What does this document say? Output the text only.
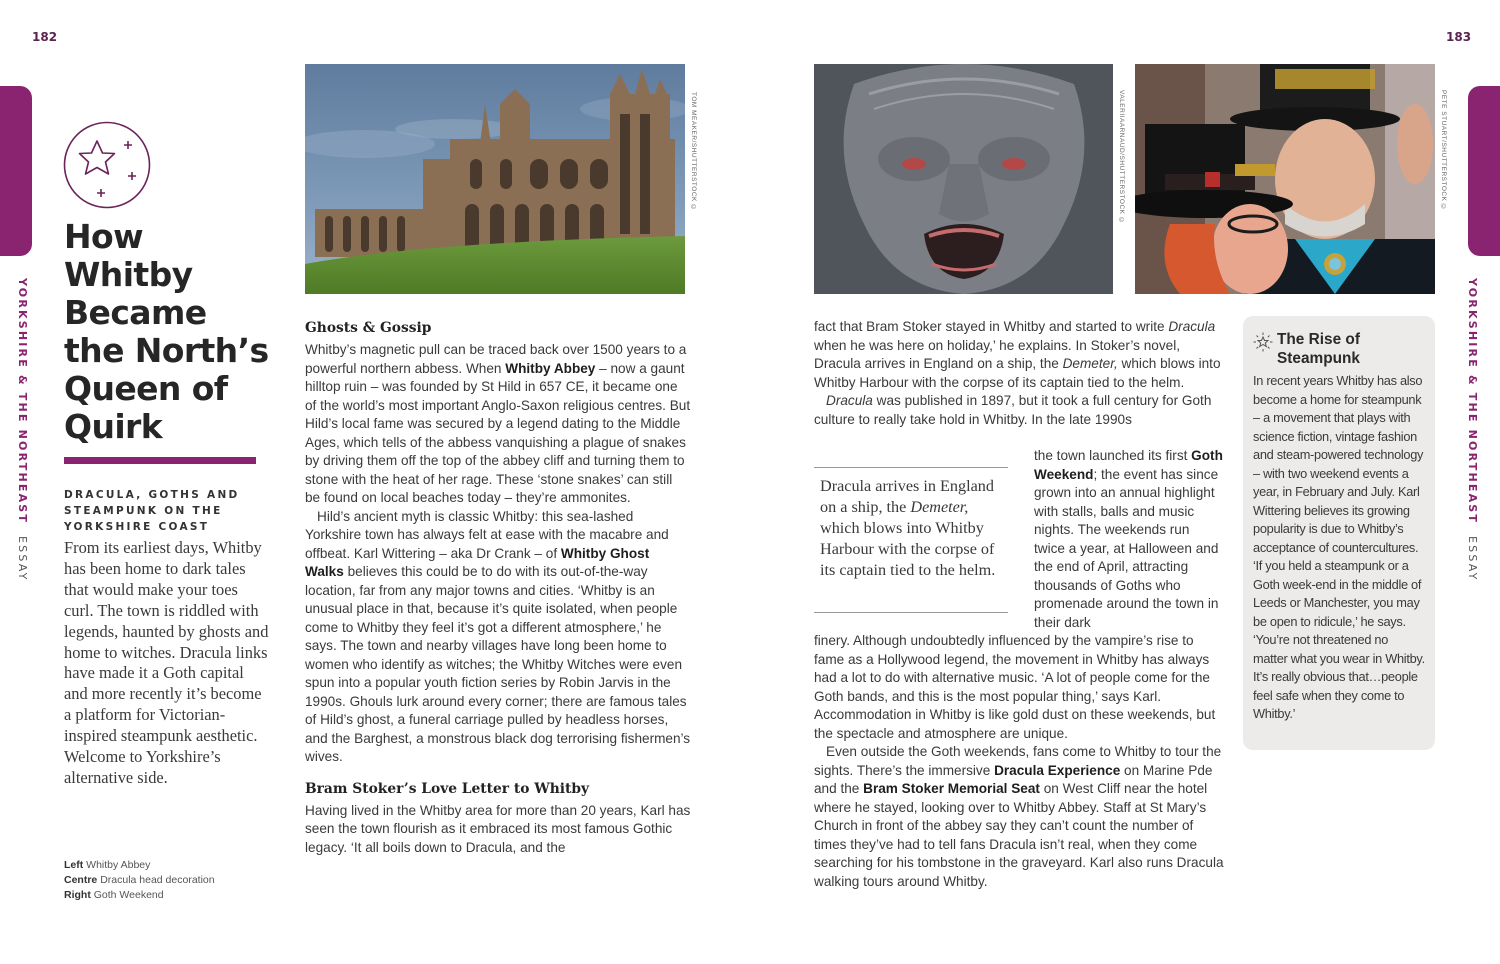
182	183
YORKSHIRE & THE NORTHEAST ESSAY
YORKSHIRE & THE NORTHEAST ESSAY
How
Whitby
Became
the North’s
Queen of
Quirk
DRACULA, GOTHS AND STEAMPUNK ON THE YORKSHIRE COAST

From its earliest days, Whitby has been home to dark tales that would make your toes curl. The town is riddled with legends, haunted by ghosts and home to witches. Dracula links have made it a Goth capital and more recently it’s become a platform for Victorian-inspired steampunk aesthetic. Welcome to Yorkshire’s alternative side.

Left Whitby Abbey
Centre Dracula head decoration
Right Goth Weekend
TOM MEAKER/SHUTTERSTOCK ©	VALERIIAARNAUD/SHUTTERSTOCK ©	PETE STUART/SHUTTERSTOCK ©
Ghosts & Gossip

Whitby’s magnetic pull can be traced back over 1500 years to a powerful northern abbess. When Whitby Abbey – now a gaunt hilltop ruin – was founded by St Hild in 657 CE, it became one of the world’s most important Anglo-Saxon religious centres. But Hild’s local fame was secured by a legend dating to the Middle Ages, which tells of the abbess vanquishing a plague of snakes by driving them off the top of the abbey cliff and turning them to stone with the heat of her rage. These ‘stone snakes’ can still be found on local beaches today – they’re ammonites.

Hild’s ancient myth is classic Whitby: this sea-lashed Yorkshire town has always felt at ease with the macabre and offbeat. Karl Wittering – aka Dr Crank – of Whitby Ghost Walks believes this could be to do with its out-of-the-way location, far from any major towns and cities. ‘Whitby is an unusual place in that, because it’s quite isolated, when people come to Whitby they feel it’s got a different atmosphere,’ he says. The town and nearby villages have long been home to women who identify as witches; the Whitby Witches were even spun into a popular youth fiction series by Robin Jarvis in the 1990s. Ghouls lurk around every corner; there are famous tales of Hild’s ghost, a funeral carriage pulled by headless horses, and the Barghest, a monstrous black dog terrorising fishermen’s wives.

Bram Stoker’s Love Letter to Whitby

Having lived in the Whitby area for more than 20 years, Karl has seen the town flourish as it embraced its most famous Gothic legacy. ‘It all boils down to Dracula, and the

fact that Bram Stoker stayed in Whitby and started to write Dracula when he was here on holiday,’ he explains. In Stoker’s novel, Dracula arrives in England on a ship, the Demeter, which blows into Whitby Harbour with the corpse of its captain tied to the helm.

Dracula was published in 1897, but it took a full century for Goth culture to really take hold in Whitby. In the late 1990s

the town launched its first Goth Weekend; the event has since grown into an annual highlight with stalls, balls and music nights. The weekends run twice a year, at Halloween and the end of April, attracting thousands of Goths who promenade around the town in their dark

finery. Although undoubtedly influenced by the vampire’s rise to fame as a Hollywood legend, the movement in Whitby has always had a lot to do with alternative music. ‘A lot of people come for the Goth bands, and this is the most popular thing,’ says Karl. Accommodation in Whitby is like gold dust on these weekends, but the spectacle and atmosphere are unique.

Even outside the Goth weekends, fans come to Whitby to tour the sights. There’s the immersive Dracula Experience on Marine Pde and the Bram Stoker Memorial Seat on West Cliff near the hotel where he stayed, looking over to Whitby Abbey. Staff at St Mary’s Church in front of the abbey say they can’t count the number of times they’ve had to tell fans Dracula isn’t real, when they come searching for his tombstone in the graveyard. Karl also runs Dracula walking tours around Whitby.

Dracula arrives in England on a ship, the Demeter, which blows into Whitby Harbour with the corpse of its captain tied to the helm.
The Rise of
Steampunk

In recent years Whitby has also become a home for steampunk – a movement that plays with science fiction, vintage fashion and steam-powered technology – with two weekend events a year, in February and July. Karl Wittering believes its growing popularity is due to Whitby’s acceptance of countercultures. ‘If you held a steampunk or a Goth week-end in the middle of Leeds or Manchester, you may be open to ridicule,’ he says. ‘You’re not threatened no matter what you wear in Whitby. It’s really obvious that…people feel safe when they come to Whitby.’
